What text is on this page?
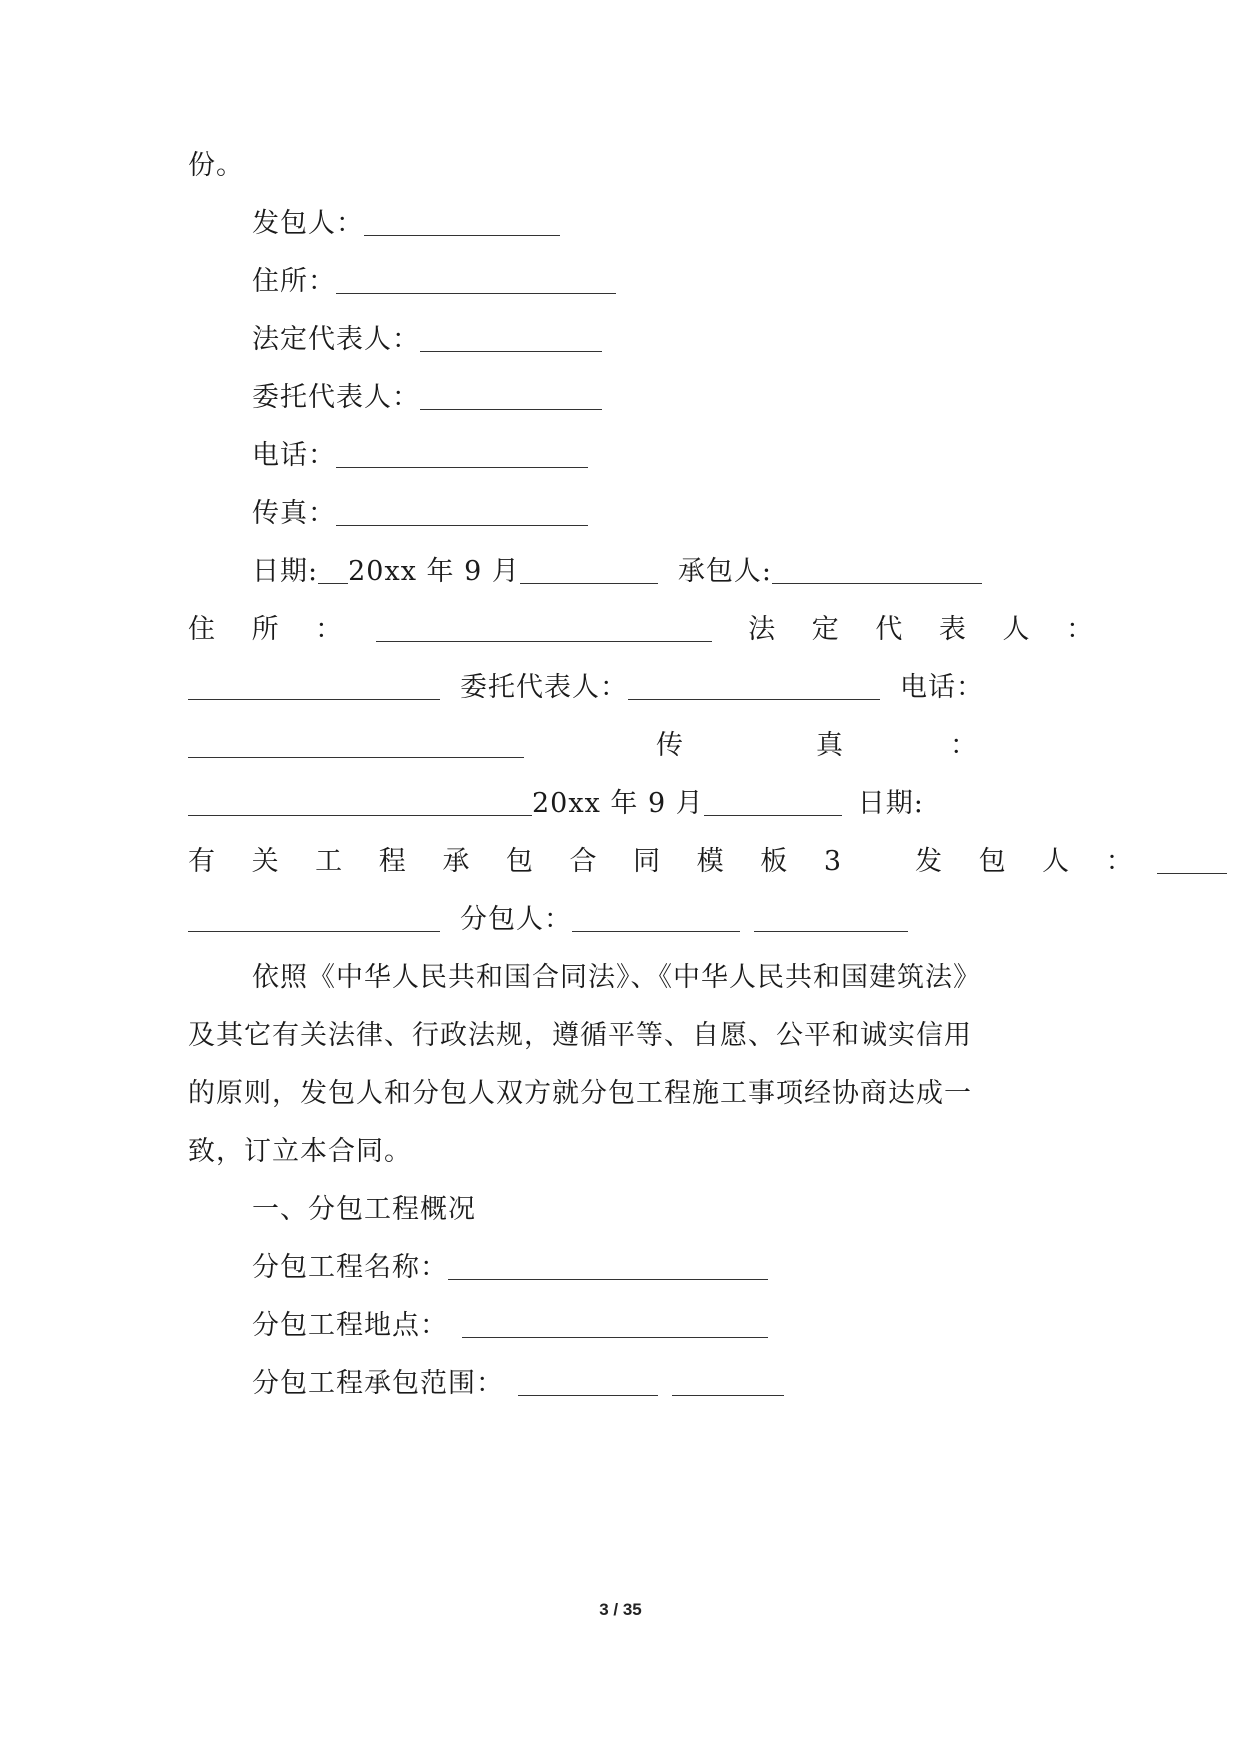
份。
发包人：
住所：
法定代表人：
委托代表人：
电话：
传真：
日期: 20xx 年 9 月	承包人:
住 所 ：	法 定 代 表 人 ：
委托代表人：	电话：
传	真	：
20xx 年 9 月	日期:
有 关 工 程 承 包 合 同 模 板 3 发 包 人 ：
分包人：
依照《中华人民共和国合同法》、《中华人民共和国建筑法》
及其它有关法律、行政法规，遵循平等、自愿、公平和诚实信用
的原则，发包人和分包人双方就分包工程施工事项经协商达成一
致，订立本合同。
一、分包工程概况
分包工程名称：
分包工程地点：
分包工程承包范围：
3 / 35
